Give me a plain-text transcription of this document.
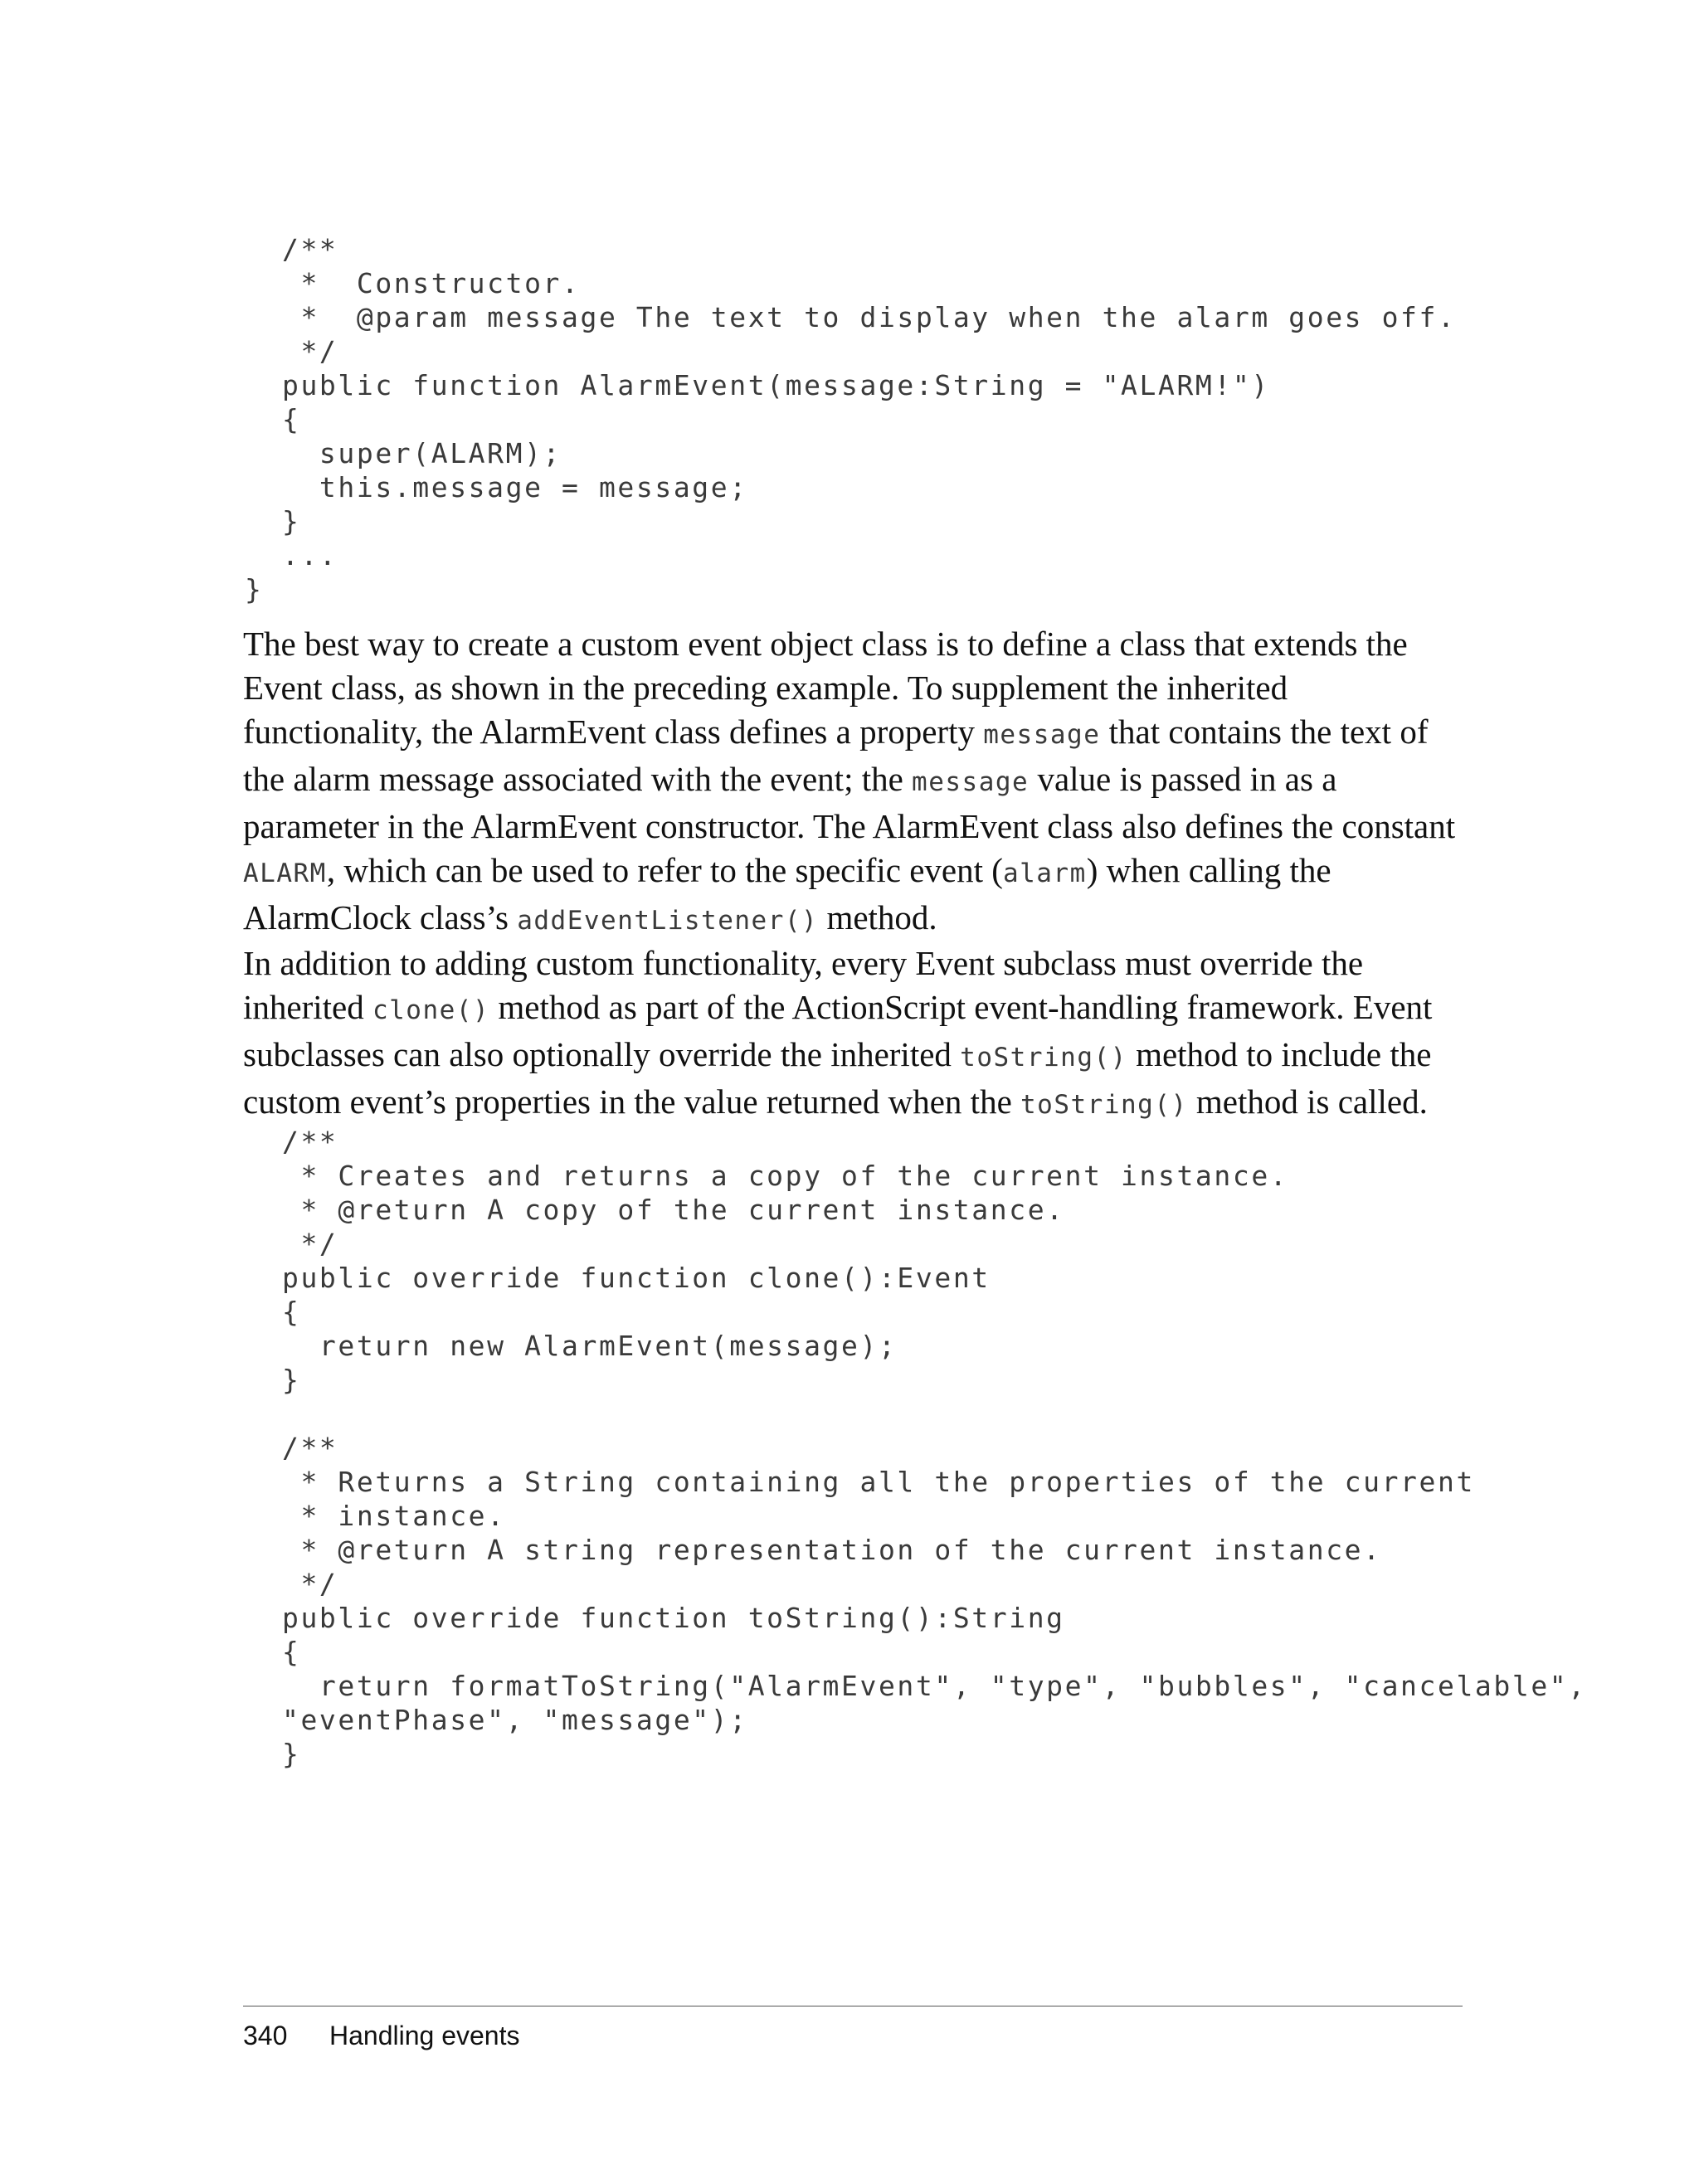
/**
*  Constructor.
*  @param message The text to display when the alarm goes off.
*/
public function AlarmEvent(message:String = "ALARM!")
{
super(ALARM);
this.message = message;
}
...
}

The best way to create a custom event object class is to define a class that extends the Event class, as shown in the preceding example. To supplement the inherited functionality, the AlarmEvent class defines a property message that contains the text of the alarm message associated with the event; the message value is passed in as a parameter in the AlarmEvent constructor. The AlarmEvent class also defines the constant ALARM, which can be used to refer to the specific event (alarm) when calling the AlarmClock class’s addEventListener() method.

In addition to adding custom functionality, every Event subclass must override the inherited clone() method as part of the ActionScript event-handling framework. Event subclasses can also optionally override the inherited toString() method to include the custom event’s properties in the value returned when the toString() method is called.

/**
* Creates and returns a copy of the current instance.
* @return A copy of the current instance.
*/
public override function clone():Event
{
return new AlarmEvent(message);
}

/**
* Returns a String containing all the properties of the current
* instance.
* @return A string representation of the current instance.
*/
public override function toString():String
{
return formatToString("AlarmEvent", "type", "bubbles", "cancelable",
"eventPhase", "message");
}
340 Handling events
